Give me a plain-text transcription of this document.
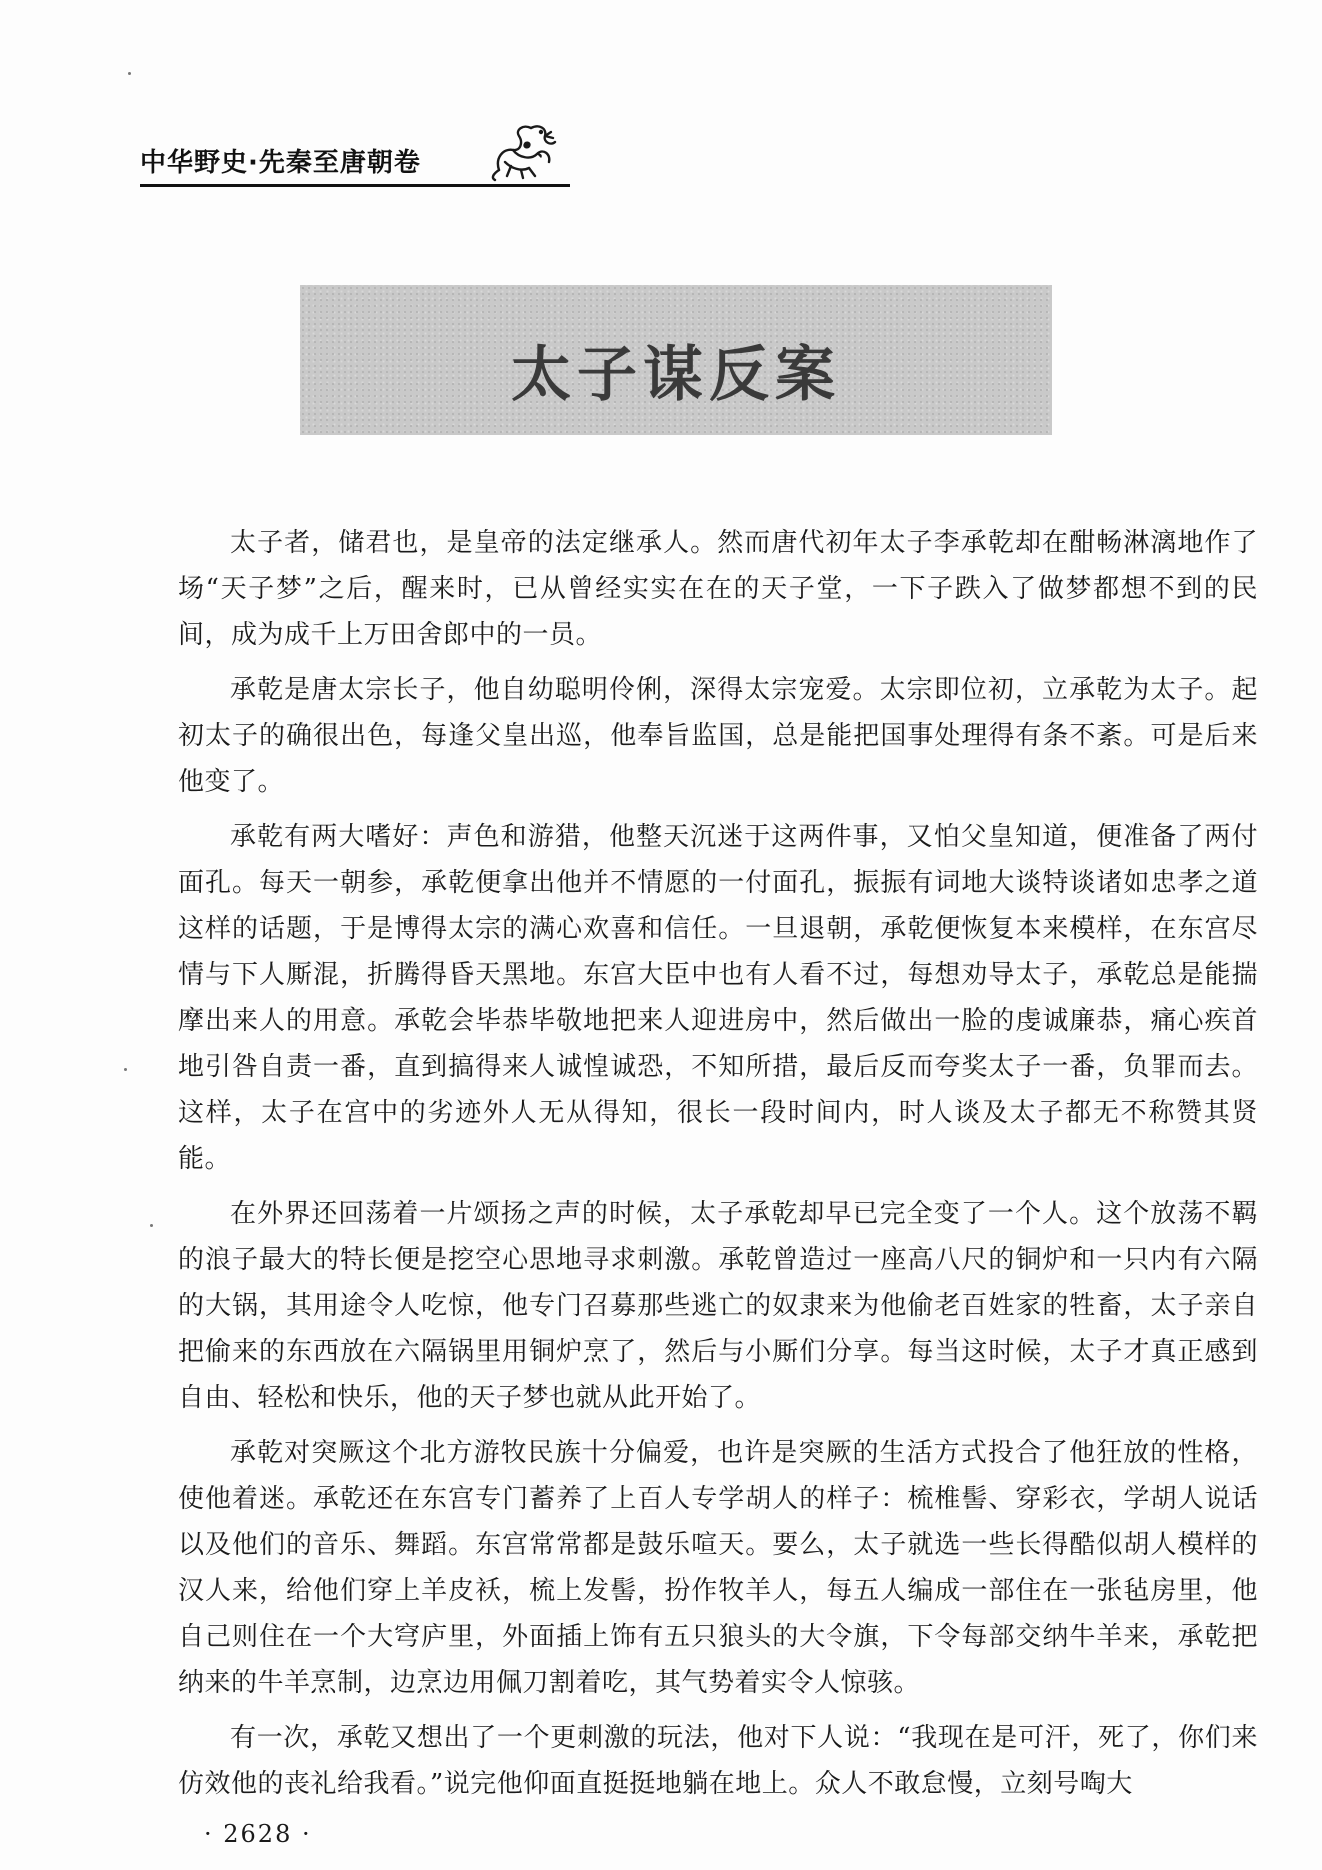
中华野史·先秦至唐朝卷
太子谋反案

太子者，储君也，是皇帝的法定继承人。然而唐代初年太子李承乾却在酣畅淋漓地作了场“天子梦”之后，醒来时，已从曾经实实在在的天子堂，一下子跌入了做梦都想不到的民间，成为成千上万田舍郎中的一员。

承乾是唐太宗长子，他自幼聪明伶俐，深得太宗宠爱。太宗即位初，立承乾为太子。起初太子的确很出色，每逢父皇出巡，他奉旨监国，总是能把国事处理得有条不紊。可是后来他变了。

承乾有两大嗜好：声色和游猎，他整天沉迷于这两件事，又怕父皇知道，便准备了两付面孔。每天一朝参，承乾便拿出他并不情愿的一付面孔，振振有词地大谈特谈诸如忠孝之道这样的话题，于是博得太宗的满心欢喜和信任。一旦退朝，承乾便恢复本来模样，在东宫尽情与下人厮混，折腾得昏天黑地。东宫大臣中也有人看不过，每想劝导太子，承乾总是能揣摩出来人的用意。承乾会毕恭毕敬地把来人迎进房中，然后做出一脸的虔诚廉恭，痛心疾首地引咎自责一番，直到搞得来人诚惶诚恐，不知所措，最后反而夸奖太子一番，负罪而去。这样，太子在宫中的劣迹外人无从得知，很长一段时间内，时人谈及太子都无不称赞其贤能。

在外界还回荡着一片颂扬之声的时候，太子承乾却早已完全变了一个人。这个放荡不羁的浪子最大的特长便是挖空心思地寻求刺激。承乾曾造过一座高八尺的铜炉和一只内有六隔的大锅，其用途令人吃惊，他专门召募那些逃亡的奴隶来为他偷老百姓家的牲畜，太子亲自把偷来的东西放在六隔锅里用铜炉烹了，然后与小厮们分享。每当这时候，太子才真正感到自由、轻松和快乐，他的天子梦也就从此开始了。

承乾对突厥这个北方游牧民族十分偏爱，也许是突厥的生活方式投合了他狂放的性格，使他着迷。承乾还在东宫专门蓄养了上百人专学胡人的样子：梳椎髻、穿彩衣，学胡人说话以及他们的音乐、舞蹈。东宫常常都是鼓乐喧天。要么，太子就选一些长得酷似胡人模样的汉人来，给他们穿上羊皮袄，梳上发髻，扮作牧羊人，每五人编成一部住在一张毡房里，他自己则住在一个大穹庐里，外面插上饰有五只狼头的大令旗，下令每部交纳牛羊来，承乾把纳来的牛羊烹制，边烹边用佩刀割着吃，其气势着实令人惊骇。

有一次，承乾又想出了一个更刺激的玩法，他对下人说：“我现在是可汗，死了，你们来仿效他的丧礼给我看。”说完他仰面直挺挺地躺在地上。众人不敢怠慢，立刻号啕大

· 2628 ·
